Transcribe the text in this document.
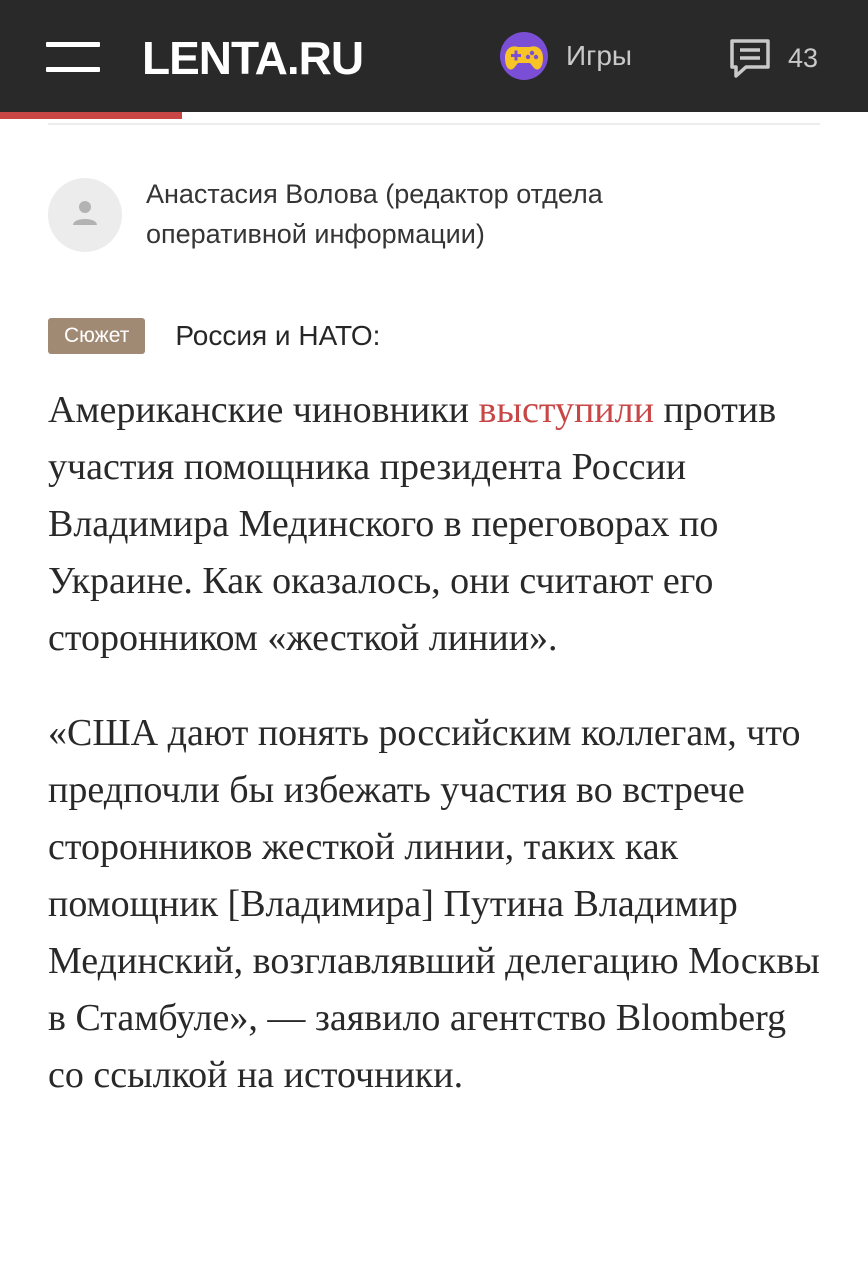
LENTA.RU	Игры	43
Анастасия Волова (редактор отдела оперативной информации)
Сюжет	Россия и НАТО:

Американские чиновники выступили против участия помощника президента России Владимира Мединского в переговорах по Украине. Как оказалось, они считают его сторонником «жесткой линии».

«США дают понять российским коллегам, что предпочли бы избежать участия во встрече сторонников жесткой линии, таких как помощник [Владимира] Путина Владимир Мединский, возглавлявший делегацию Москвы в Стамбуле», — заявило агентство Bloomberg со ссылкой на источники.
